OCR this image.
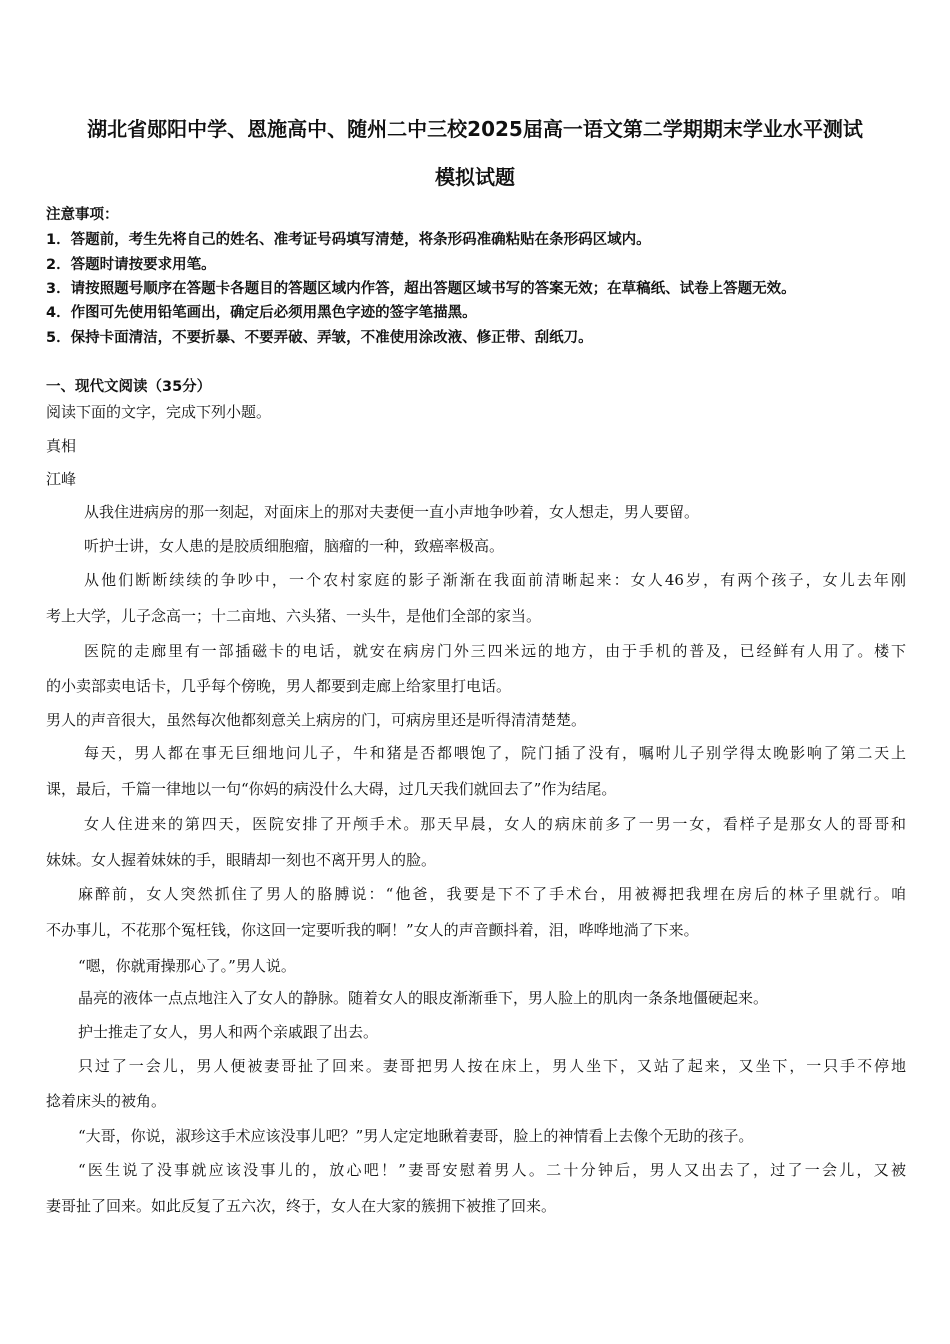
湖北省郧阳中学、恩施高中、随州二中三校2025届高一语文第二学期期末学业水平测试
模拟试题
注意事项：
1．答题前，考生先将自己的姓名、准考证号码填写清楚，将条形码准确粘贴在条形码区域内。
2．答题时请按要求用笔。
3．请按照题号顺序在答题卡各题目的答题区域内作答，超出答题区域书写的答案无效；在草稿纸、试卷上答题无效。
4．作图可先使用铅笔画出，确定后必须用黑色字迹的签字笔描黑。
5．保持卡面清洁，不要折暴、不要弄破、弄皱，不准使用涂改液、修正带、刮纸刀。
一、现代文阅读（35分）
阅读下面的文字，完成下列小题。
真相
江峰
从我住进病房的那一刻起，对面床上的那对夫妻便一直小声地争吵着，女人想走，男人要留。
听护士讲，女人患的是胶质细胞瘤，脑瘤的一种，致癌率极高。
从他们断断续续的争吵中，一个农村家庭的影子渐渐在我面前清晰起来：女人46岁，有两个孩子，女儿去年刚
考上大学，儿子念高一；十二亩地、六头猪、一头牛，是他们全部的家当。
医院的走廊里有一部插磁卡的电话，就安在病房门外三四米远的地方，由于手机的普及，已经鲜有人用了。楼下
的小卖部卖电话卡，几乎每个傍晚，男人都要到走廊上给家里打电话。
男人的声音很大，虽然每次他都刻意关上病房的门，可病房里还是听得清清楚楚。
每天，男人都在事无巨细地问儿子，牛和猪是否都喂饱了，院门插了没有，嘱咐儿子别学得太晚影响了第二天上
课，最后，千篇一律地以一句“你妈的病没什么大碍，过几天我们就回去了”作为结尾。
女人住进来的第四天，医院安排了开颅手术。那天早晨，女人的病床前多了一男一女，看样子是那女人的哥哥和
妹妹。女人握着妹妹的手，眼睛却一刻也不离开男人的脸。
麻醉前，女人突然抓住了男人的胳膊说：“他爸，我要是下不了手术台，用被褥把我埋在房后的林子里就行。咱
不办事儿，不花那个冤枉钱，你这回一定要听我的啊！”女人的声音颤抖着，泪，哗哗地淌了下来。
“嗯，你就甭操那心了。”男人说。
晶亮的液体一点点地注入了女人的静脉。随着女人的眼皮渐渐垂下，男人脸上的肌肉一条条地僵硬起来。
护士推走了女人，男人和两个亲戚跟了出去。
只过了一会儿，男人便被妻哥扯了回来。妻哥把男人按在床上，男人坐下，又站了起来，又坐下，一只手不停地
捻着床头的被角。
“大哥，你说，淑珍这手术应该没事儿吧？”男人定定地瞅着妻哥，脸上的神情看上去像个无助的孩子。
“医生说了没事就应该没事儿的，放心吧！”妻哥安慰着男人。二十分钟后，男人又出去了，过了一会儿，又被
妻哥扯了回来。如此反复了五六次，终于，女人在大家的簇拥下被推了回来。
